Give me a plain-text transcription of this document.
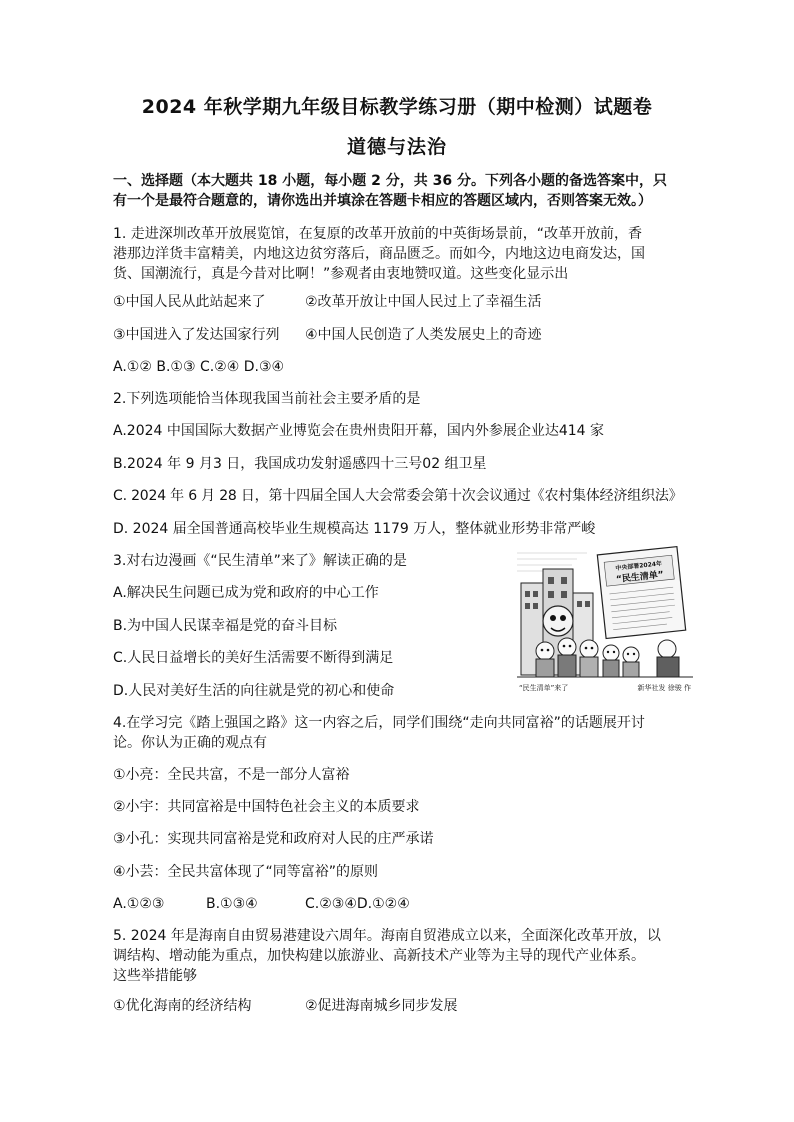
2024 年秋学期九年级目标教学练习册（期中检测）试题卷
道德与法治
一、选择题（本大题共 18 小题，每小题 2 分，共 36 分。下列各小题的备选答案中，只
有一个是最符合题意的，请你选出并填涂在答题卡相应的答题区域内，否则答案无效。）
1. 走进深圳改革开放展览馆，在复原的改革开放前的中英街场景前，“改革开放前，香
港那边洋货丰富精美，内地这边贫穷落后，商品匮乏。而如今，内地这边电商发达，国
货、国潮流行，真是今昔对比啊！”参观者由衷地赞叹道。这些变化显示出
①中国人民从此站起来了	②改革开放让中国人民过上了幸福生活
③中国进入了发达国家行列 ④中国人民创造了人类发展史上的奇迹
A.①② B.①③ C.②④ D.③④
2.下列选项能恰当体现我国当前社会主要矛盾的是
A.2024 中国国际大数据产业博览会在贵州贵阳开幕，国内外参展企业达414 家
B.2024 年 9 月3 日，我国成功发射遥感四十三号02 组卫星
C. 2024 年 6 月 28 日，第十四届全国人大会常委会第十次会议通过《农村集体经济组织法》
D. 2024 届全国普通高校毕业生规模高达 1179 万人，整体就业形势非常严峻
3.对右边漫画《“民生清单”来了》解读正确的是
A.解决民生问题已成为党和政府的中心工作
B.为中国人民谋幸福是党的奋斗目标
C.人民日益增长的美好生活需要不断得到满足
D.人民对美好生活的向往就是党的初心和使命
中央部署2024年
“民生清单”
“民生清单”来了	新华社发 徐骏 作
4.在学习完《踏上强国之路》这一内容之后，同学们围绕“走向共同富裕”的话题展开讨
论。你认为正确的观点有
①小亮：全民共富，不是一部分人富裕
②小宇：共同富裕是中国特色社会主义的本质要求
③小孔：实现共同富裕是党和政府对人民的庄严承诺
④小芸：全民共富体现了“同等富裕”的原则
A.①②③	B.①③④	C.②③④D.①②④
5. 2024 年是海南自由贸易港建设六周年。海南自贸港成立以来，全面深化改革开放，以
调结构、增动能为重点，加快构建以旅游业、高新技术产业等为主导的现代产业体系。
这些举措能够
①优化海南的经济结构	②促进海南城乡同步发展
